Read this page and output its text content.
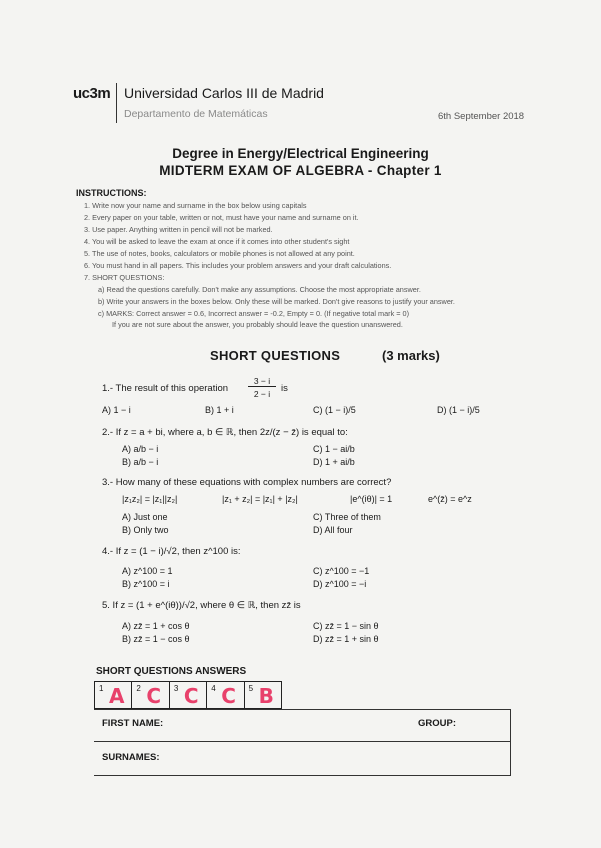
uc3m Universidad Carlos III de Madrid
Departamento de Matemáticas	6th September 2018
Degree in Energy/Electrical Engineering
MIDTERM EXAM OF ALGEBRA - Chapter 1
INSTRUCTIONS:
1. Write now your name and surname in the box below using capitals
2. Every paper on your table, written or not, must have your name and surname on it.
3. Use paper. Anything written in pencil will not be marked.
4. You will be asked to leave the exam at once if it comes into other student's sight
5. The use of notes, books, calculators or mobile phones is not allowed at any point.
6. You must hand in all papers. This includes your problem answers and your draft calculations.
7. SHORT QUESTIONS:
a) Read the questions carefully. Don't make any assumptions. Choose the most appropriate answer.
b) Write your answers in the boxes below. Only these will be marked. Don't give reasons to justify your answer.
c) MARKS: Correct answer = 0.6, Incorrect answer = -0.2, Empty = 0. (If negative total mark = 0)
If you are not sure about the answer, you probably should leave the question unanswered.
SHORT QUESTIONS	(3 marks)
1.- The result of this operation
3 − i
2 − i	is
A) 1 − i	B) 1 + i	C) (1 − i)/5	D) (1 − i)/5
2.- If z = a + bi, where a, b ∈ ℝ, then 2z/(z − z̄) is equal to:
A) a/b − i
B) a/b − i
C) 1 − ai/b
D) 1 + ai/b
3.- How many of these equations with complex numbers are correct?
|z₁z₂| = |z₁||z₂|	|z₁ + z₂| = |z₁| + |z₂|	|e^(iθ)| = 1	e^(z̄) = e^z
A) Just one
B) Only two
C) Three of them
D) All four
4.- If z = (1 − i)/√2, then z^100 is:
A) z^100 = 1
B) z^100 = i
C) z^100 = −1
D) z^100 = −i
5. If z = (1 + e^(iθ))/√2, where θ ∈ ℝ, then zz̄ is
A) zz̄ = 1 + cos θ
B) zz̄ = 1 − cos θ
C) zz̄ = 1 − sin θ
D) zz̄ = 1 + sin θ
SHORT QUESTIONS ANSWERS
1 A 2 C 3 C 4 C 5 B
FIRST NAME:	GROUP:
SURNAMES:
